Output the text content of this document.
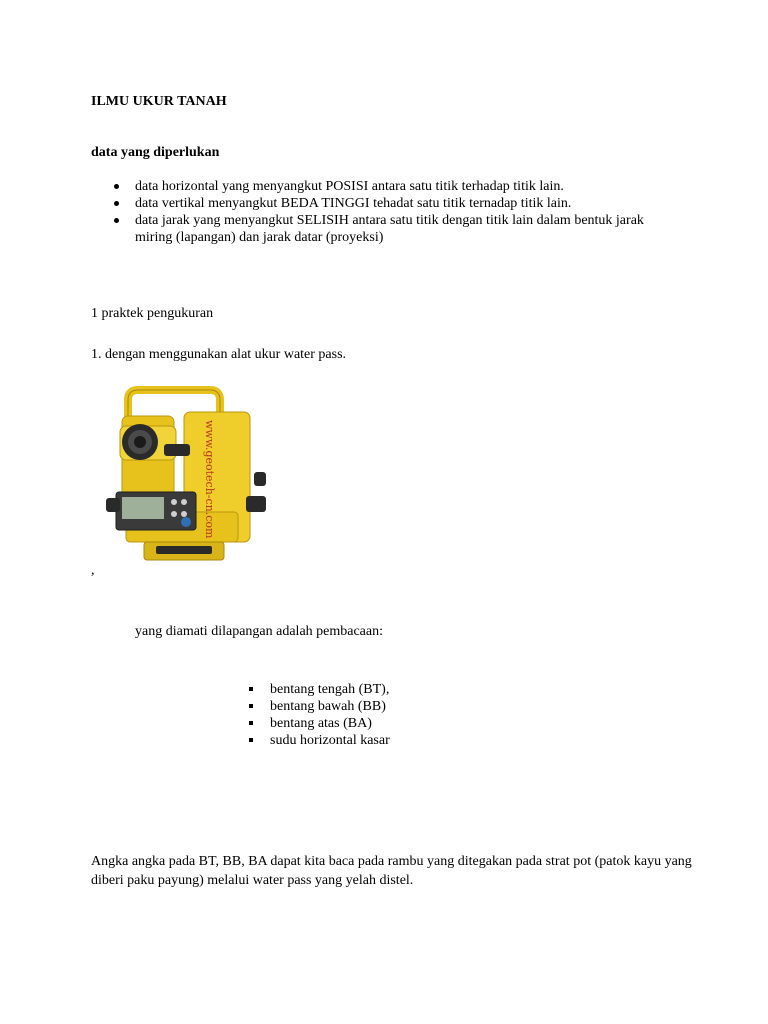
ILMU UKUR TANAH
data yang diperlukan
data horizontal yang menyangkut POSISI antara satu titik terhadap titik lain.
data vertikal menyangkut BEDA TINGGI tehadat satu titik ternadap titik lain.
data jarak yang menyangkut SELISIH antara satu titik dengan titik lain dalam bentuk jarak miring (lapangan) dan jarak datar (proyeksi)
1 praktek pengukuran
1. dengan menggunakan alat ukur water pass.
www.geotech-cn.com
,
yang diamati dilapangan adalah pembacaan:
bentang tengah (BT),
bentang bawah (BB)
bentang atas (BA)
sudu horizontal kasar
Angka angka pada BT, BB, BA dapat kita baca pada rambu yang ditegakan pada strat pot (patok kayu yang diberi paku payung) melalui water pass yang yelah distel.
